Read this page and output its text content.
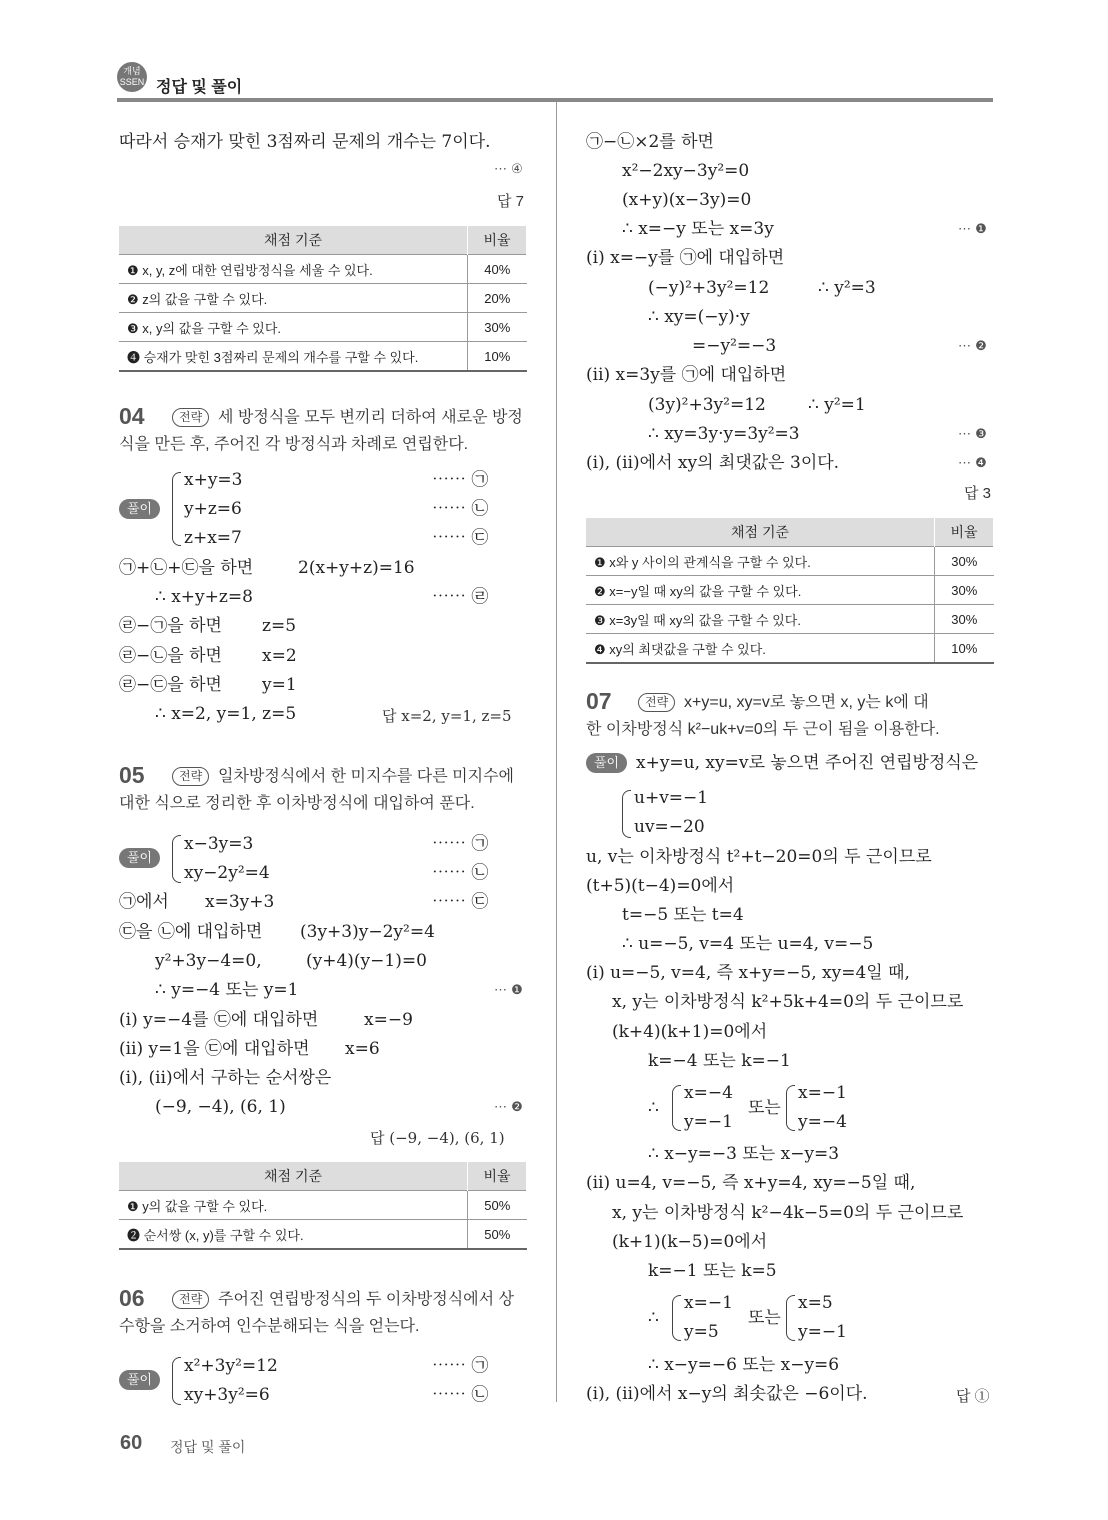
개념
SSEN 정답 및 풀이
따라서 승재가 맞힌 3점짜리 문제의 개수는 7이다.
⋯ ④
답 7
채점 기준	비율
❶ x, y, z에 대한 연립방정식을 세울 수 있다.	40%
❷ z의 값을 구할 수 있다.	20%
❸ x, y의 값을 구할 수 있다.	30%
❹ 승재가 맞힌 3점짜리 문제의 개수를 구할 수 있다.	10%
04	전략 세 방정식을 모두 변끼리 더하여 새로운 방정
식을 만든 후, 주어진 각 방정식과 차례로 연립한다.
풀이
x+y=3
y+z=6
z+x=7
⋯⋯ ㉠
⋯⋯ ㉡
⋯⋯ ㉢
㉠+㉡+㉢을 하면	2(x+y+z)=16
∴ x+y+z=8	⋯⋯ ㉣
㉣−㉠을 하면 z=5
㉣−㉡을 하면 x=2
㉣−㉢을 하면 y=1
∴ x=2, y=1, z=5	답 x=2, y=1, z=5
05	전략 일차방정식에서 한 미지수를 다른 미지수에
대한 식으로 정리한 후 이차방정식에 대입하여 푼다.
풀이
x−3y=3
xy−2y²=4
⋯⋯ ㉠
⋯⋯ ㉡
㉠에서 x=3y+3	⋯⋯ ㉢
㉢을 ㉡에 대입하면 (3y+3)y−2y²=4
y²+3y−4=0,	(y+4)(y−1)=0
∴ y=−4 또는 y=1	⋯ ❶
(ⅰ) y=−4를 ㉢에 대입하면	x=−9
(ⅱ) y=1을 ㉢에 대입하면 x=6
(ⅰ), (ⅱ)에서 구하는 순서쌍은
(−9, −4), (6, 1)	⋯ ❷
답 (−9, −4), (6, 1)
채점 기준	비율
❶ y의 값을 구할 수 있다.	50%
❷ 순서쌍 (x, y)를 구할 수 있다.	50%
06	전략 주어진 연립방정식의 두 이차방정식에서 상
수항을 소거하여 인수분해되는 식을 얻는다.
풀이
x²+3y²=12
xy+3y²=6
⋯⋯ ㉠
⋯⋯ ㉡
㉠−㉡×2를 하면
x²−2xy−3y²=0
(x+y)(x−3y)=0
∴ x=−y 또는 x=3y	⋯ ❶
(ⅰ) x=−y를 ㉠에 대입하면
(−y)²+3y²=12	∴ y²=3
∴ xy=(−y)·y
=−y²=−3	⋯ ❷
(ⅱ) x=3y를 ㉠에 대입하면
(3y)²+3y²=12 ∴ y²=1
∴ xy=3y·y=3y²=3	⋯ ❸
(ⅰ), (ⅱ)에서 xy의 최댓값은 3이다.	⋯ ❹
답 3
채점 기준	비율
❶ x와 y 사이의 관계식을 구할 수 있다.	30%
❷ x=−y일 때 xy의 값을 구할 수 있다.	30%
❸ x=3y일 때 xy의 값을 구할 수 있다.	30%
❹ xy의 최댓값을 구할 수 있다.	10%
07	전략 x+y=u, xy=v로 놓으면 x, y는 k에 대
한 이차방정식 k²−uk+v=0의 두 근이 됨을 이용한다.
풀이 x+y=u, xy=v로 놓으면 주어진 연립방정식은
u+v=−1
uv=−20
u, v는 이차방정식 t²+t−20=0의 두 근이므로
(t+5)(t−4)=0에서
t=−5 또는 t=4
∴ u=−5, v=4 또는 u=4, v=−5
(ⅰ) u=−5, v=4, 즉 x+y=−5, xy=4일 때,
x, y는 이차방정식 k²+5k+4=0의 두 근이므로
(k+4)(k+1)=0에서
k=−4 또는 k=−1
∴
x=−4
y=−1
또는
x=−1
y=−4
∴ x−y=−3 또는 x−y=3
(ⅱ) u=4, v=−5, 즉 x+y=4, xy=−5일 때,
x, y는 이차방정식 k²−4k−5=0의 두 근이므로
(k+1)(k−5)=0에서
k=−1 또는 k=5
∴
x=−1
y=5
또는
x=5
y=−1
∴ x−y=−6 또는 x−y=6
(ⅰ), (ⅱ)에서 x−y의 최솟값은 −6이다.	답 ①
60 정답 및 풀이
